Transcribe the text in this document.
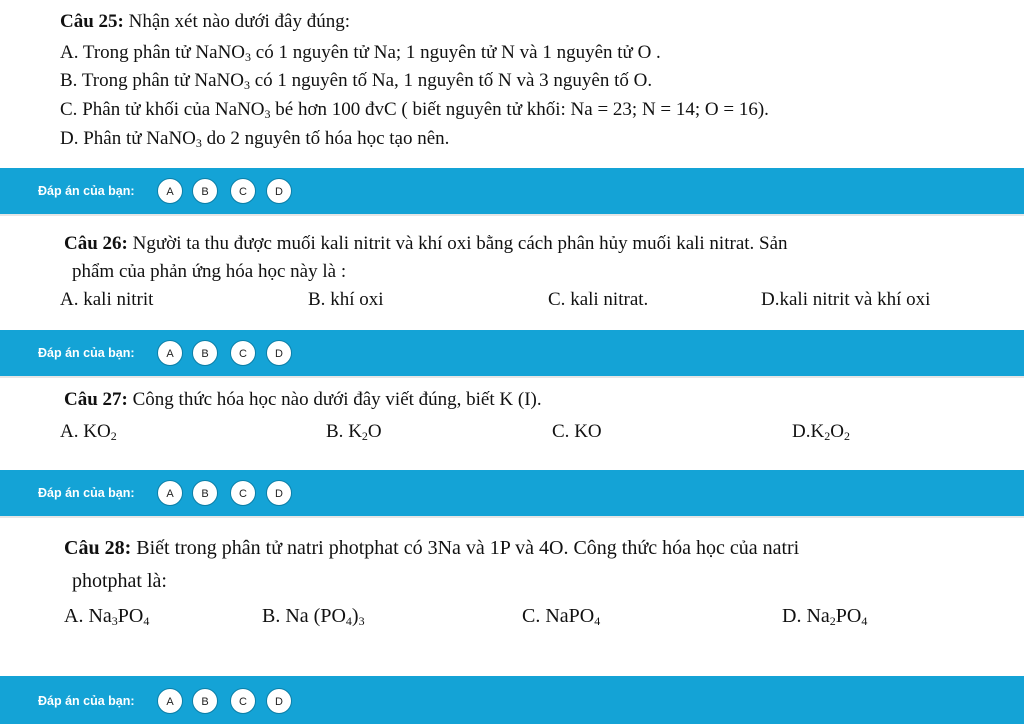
Câu 25: Nhận xét nào dưới đây đúng:
A. Trong phân tử NaNO$_3$ có 1 nguyên tử Na; 1 nguyên tử N và 1 nguyên tử O .
B. Trong phân tử NaNO$_3$ có 1 nguyên tố Na, 1 nguyên tố N và 3 nguyên tố O.
C. Phân tử khối của NaNO$_3$ bé hơn 100 đvC ( biết nguyên tử khối: Na = 23; N = 14; O = 16).
D. Phân tử NaNO$_3$ do 2 nguyên tố hóa học tạo nên.
Đáp án của bạn:	A	B	C	D
Câu 26: Người ta thu được muối kali nitrit và khí oxi bằng cách phân hủy muối kali nitrat. Sản
phẩm của phản ứng hóa học này là :
A. kali nitrit	B. khí oxi	C. kali nitrat.	D.kali nitrit và khí oxi
Đáp án của bạn:	A	B	C	D
Câu 27: Công thức hóa học nào dưới đây viết đúng, biết K (I).
A. $KO_2$	B. $K_2O$	C. KO	$D.K_2O_2$
Đáp án của bạn:	A	B	C	D
Câu 28: Biết trong phân tử natri photphat có 3Na và 1P và 4O. Công thức hóa học của natri
photphat là:
A. $Na_3PO_4$	B. Na $(PO_4)_3$	C. NaPO$_4$	D. $Na_2PO_4$
Đáp án của bạn:	A	B	C	D
